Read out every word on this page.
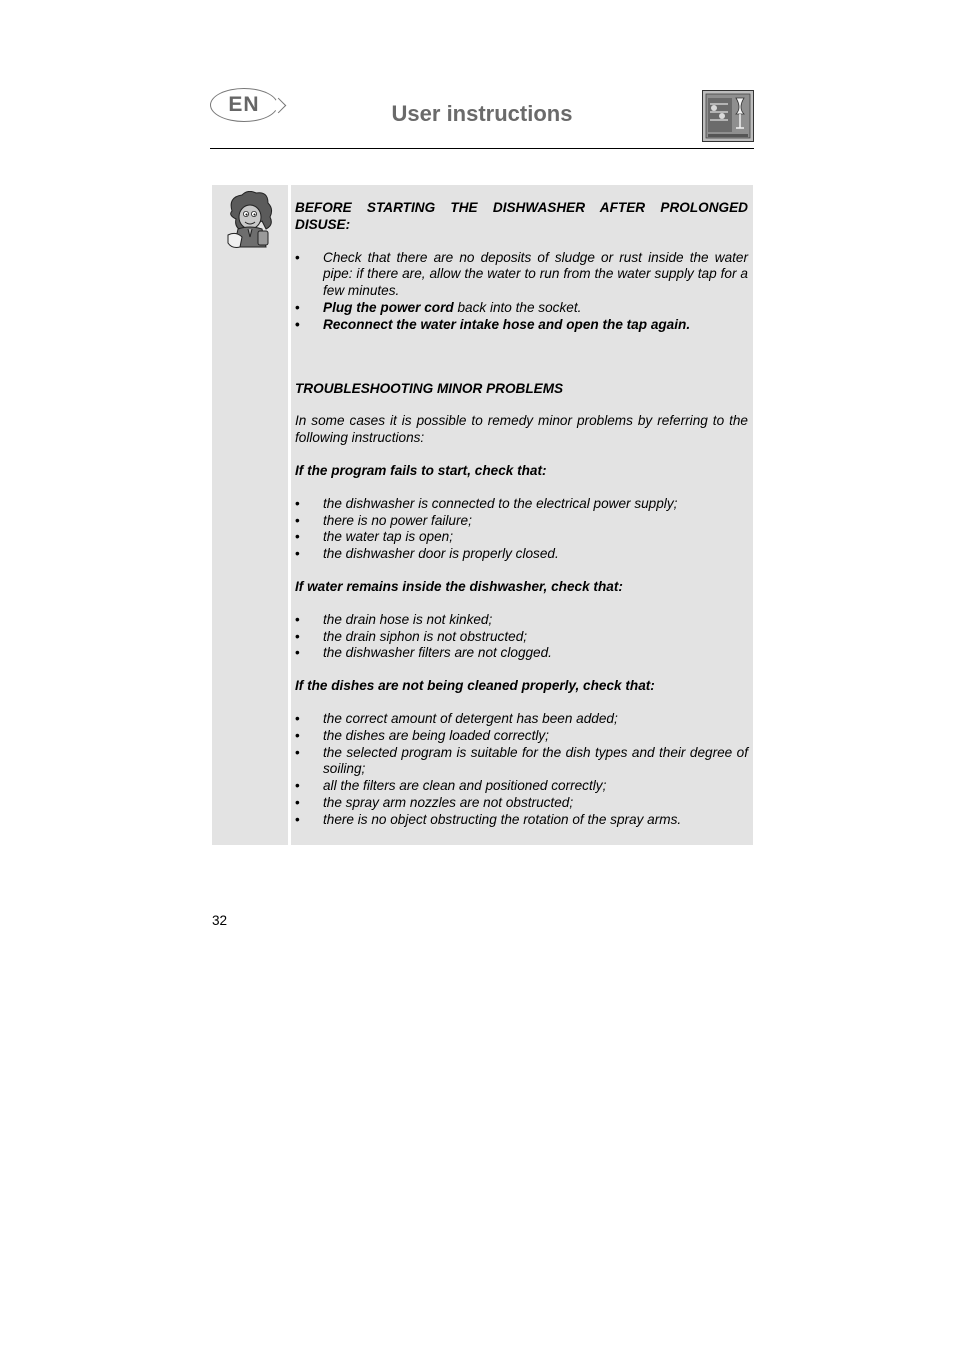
EN	User instructions

BEFORE STARTING THE DISHWASHER AFTER PROLONGED DISUSE:

• Check that there are no deposits of sludge or rust inside the water pipe: if there are, allow the water to run from the water supply tap for a few minutes.
• Plug the power cord back into the socket.
• Reconnect the water intake hose and open the tap again.

TROUBLESHOOTING MINOR PROBLEMS

In some cases it is possible to remedy minor problems by referring to the following instructions:

If the program fails to start, check that:

• the dishwasher is connected to the electrical power supply;
• there is no power failure;
• the water tap is open;
• the dishwasher door is properly closed.

If water remains inside the dishwasher, check that:

• the drain hose is not kinked;
• the drain siphon is not obstructed;
• the dishwasher filters are not clogged.

If the dishes are not being cleaned properly, check that:

• the correct amount of detergent has been added;
• the dishes are being loaded correctly;
• the selected program is suitable for the dish types and their degree of soiling;
• all the filters are clean and positioned correctly;
• the spray arm nozzles are not obstructed;
• there is no object obstructing the rotation of the spray arms.
32
